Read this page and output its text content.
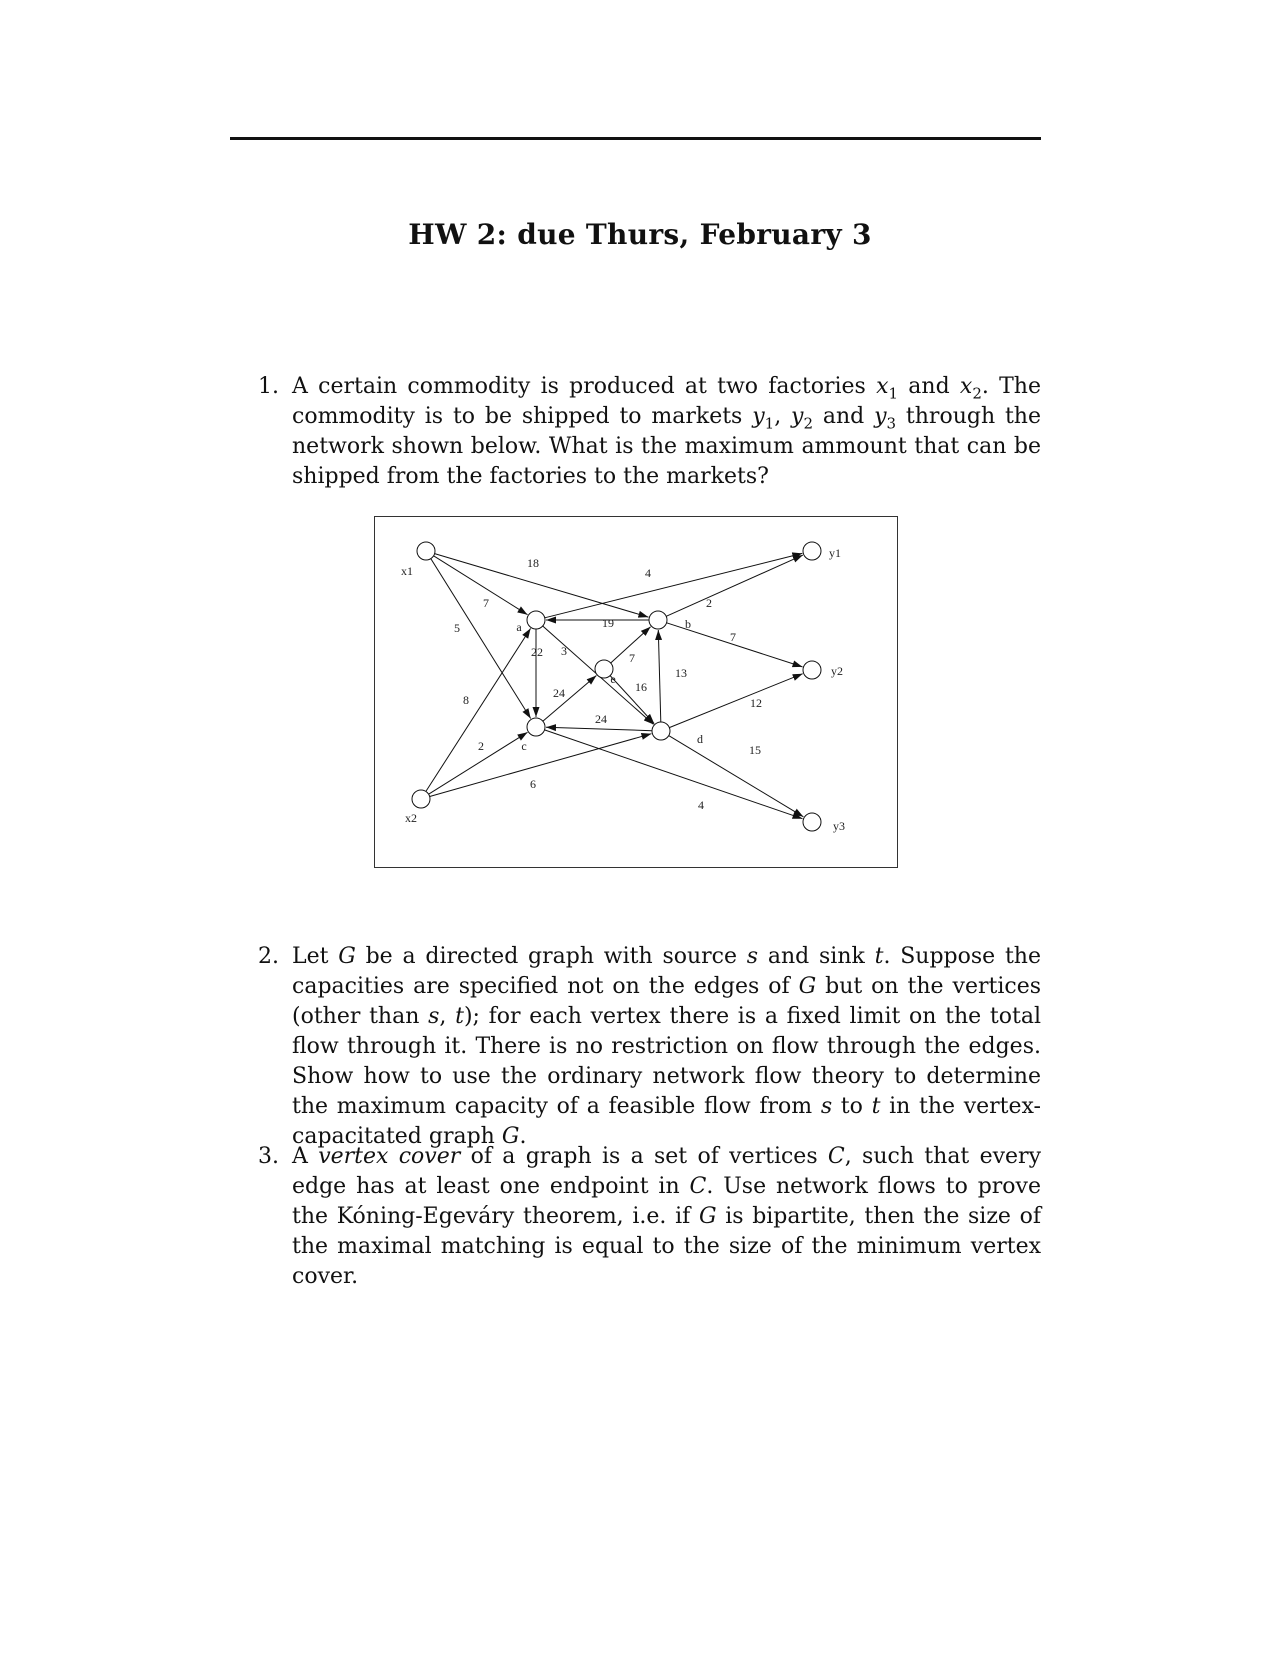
HW 2: due Thurs, February 3
1. A certain commodity is produced at two factories $x_1$ and $x_2$. The commodity is to be shipped to markets $y_1$, $y_2$ and $y_3$ through the network shown below. What is the maximum ammount that can be shipped from the factories to the markets?
18
7
5
8
2
6
4
19
22 3
24
7
16
24
13
2
7
12
15
4
x1
x2
a	b
c	d
e
y1
y2
y3
2. Let G be a directed graph with source s and sink t. Suppose the capacities are specified not on the edges of G but on the vertices (other than s, t); for each vertex there is a fixed limit on the total flow through it. There is no restriction on flow through the edges. Show how to use the ordinary network flow theory to determine the maximum capacity of a feasible flow from s to t in the vertex-capacitated graph G.
3. A vertex cover of a graph is a set of vertices C, such that every edge has at least one endpoint in C. Use network flows to prove the Kóning-Egeváry theorem, i.e. if G is bipartite, then the size of the maximal matching is equal to the size of the minimum vertex cover.
